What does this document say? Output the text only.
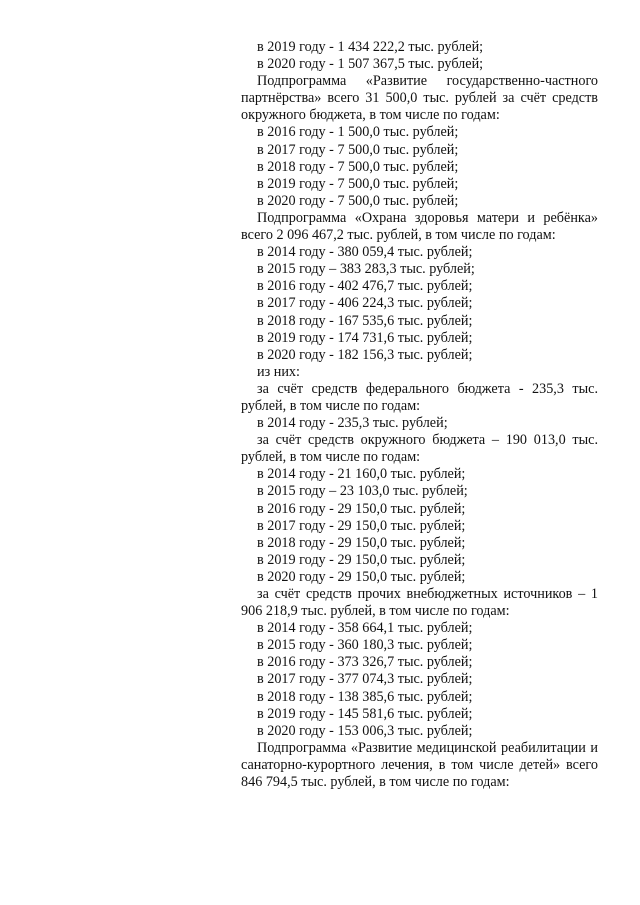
в 2019 году - 1 434 222,2 тыс. рублей;

в 2020 году - 1 507 367,5 тыс. рублей;

Подпрограмма «Развитие государственно-частного партнёрства» всего 31 500,0 тыс. рублей за счёт средств окружного бюджета, в том числе по годам:

в 2016 году - 1 500,0 тыс. рублей;

в 2017 году - 7 500,0 тыс. рублей;

в 2018 году - 7 500,0 тыс. рублей;

в 2019 году - 7 500,0 тыс. рублей;

в 2020 году - 7 500,0 тыс. рублей;

Подпрограмма «Охрана здоровья матери и ребёнка» всего 2 096 467,2 тыс. рублей, в том числе по годам:

в 2014 году - 380 059,4 тыс. рублей;

в 2015 году – 383 283,3 тыс. рублей;

в 2016 году - 402 476,7 тыс. рублей;

в 2017 году - 406 224,3 тыс. рублей;

в 2018 году - 167 535,6 тыс. рублей;

в 2019 году - 174 731,6 тыс. рублей;

в 2020 году - 182 156,3 тыс. рублей;

из них:

за счёт средств федерального бюджета - 235,3 тыс. рублей, в том числе по годам:

в 2014 году - 235,3 тыс. рублей;

за счёт средств окружного бюджета – 190 013,0 тыс. рублей, в том числе по годам:

в 2014 году - 21 160,0 тыс. рублей;

в 2015 году – 23 103,0 тыс. рублей;

в 2016 году - 29 150,0 тыс. рублей;

в 2017 году - 29 150,0 тыс. рублей;

в 2018 году - 29 150,0 тыс. рублей;

в 2019 году - 29 150,0 тыс. рублей;

в 2020 году - 29 150,0 тыс. рублей;

за счёт средств прочих внебюджетных источников – 1 906 218,9 тыс. рублей, в том числе по годам:

в 2014 году - 358 664,1 тыс. рублей;

в 2015 году - 360 180,3 тыс. рублей;

в 2016 году - 373 326,7 тыс. рублей;

в 2017 году - 377 074,3 тыс. рублей;

в 2018 году - 138 385,6 тыс. рублей;

в 2019 году - 145 581,6 тыс. рублей;

в 2020 году - 153 006,3 тыс. рублей;

Подпрограмма «Развитие медицинской реабилитации и санаторно-курортного лечения, в том числе детей» всего 846 794,5 тыс. рублей, в том числе по годам:
